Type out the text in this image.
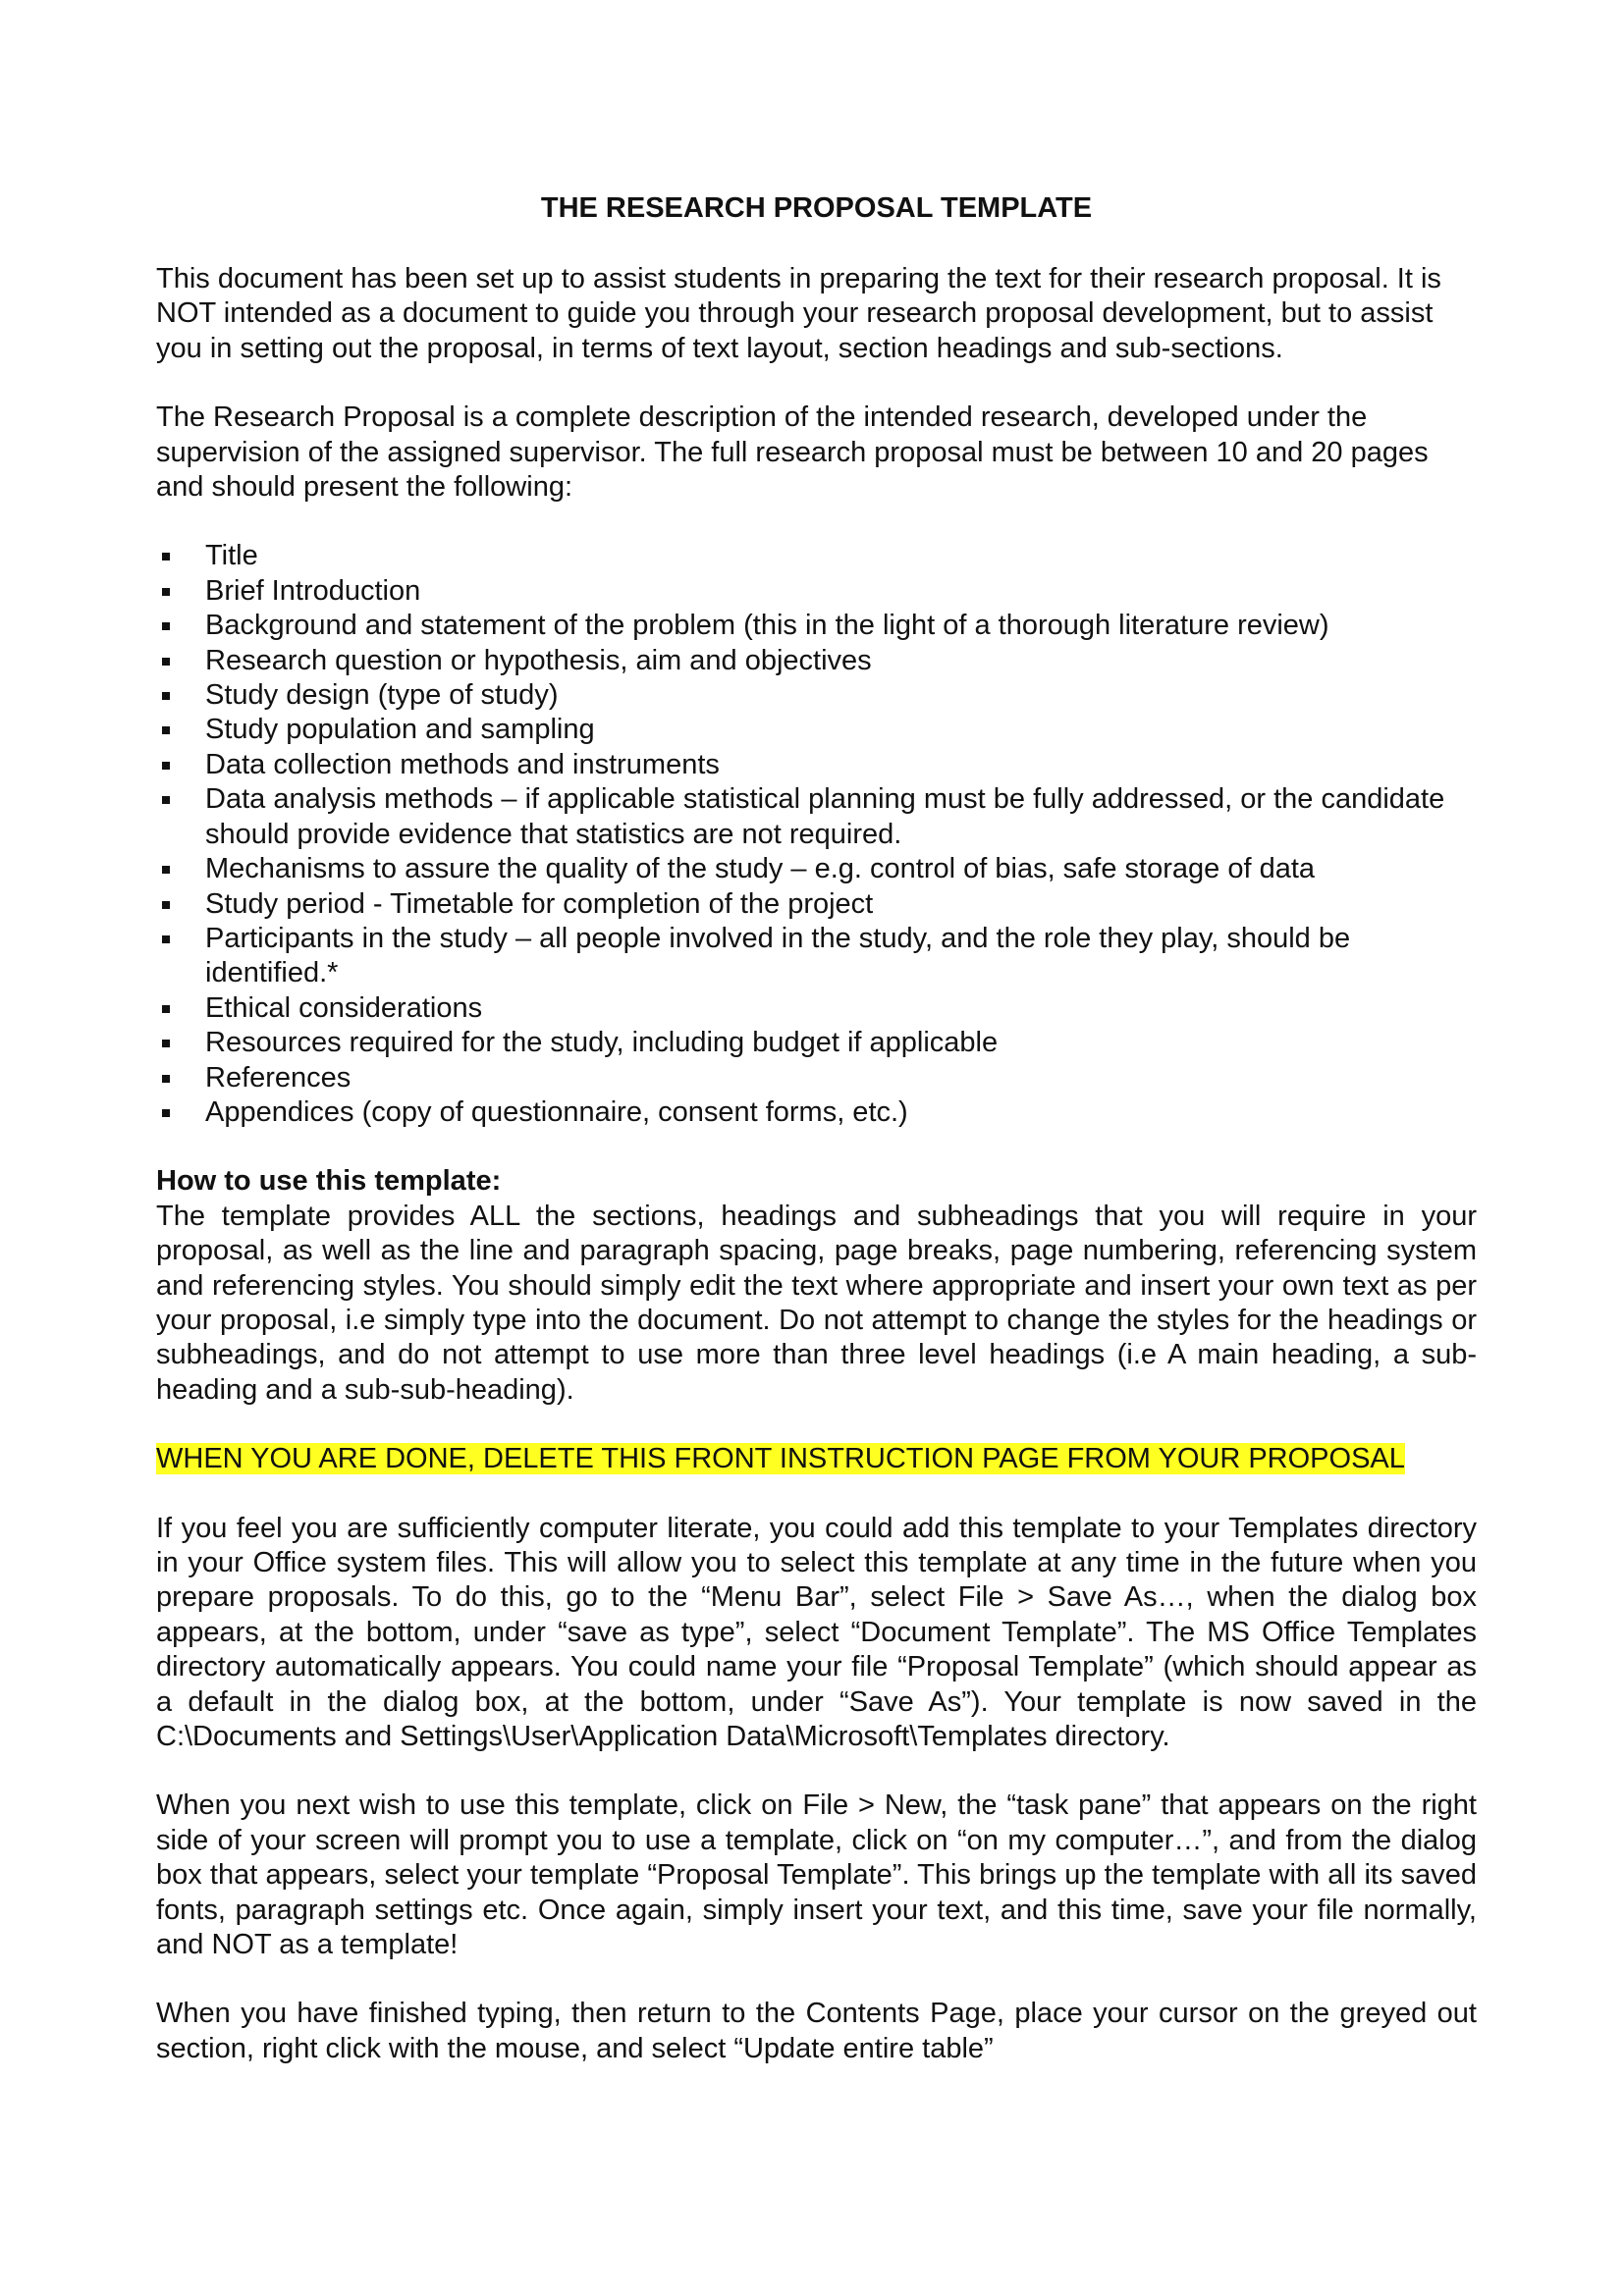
THE RESEARCH PROPOSAL TEMPLATE

This document has been set up to assist students in preparing the text for their research proposal. It is NOT intended as a document to guide you through your research proposal development, but to assist you in setting out the proposal, in terms of text layout, section headings and sub-sections.

The Research Proposal is a complete description of the intended research, developed under the supervision of the assigned supervisor. The full research proposal must be between 10 and 20 pages and should present the following:

Title
Brief Introduction
Background and statement of the problem (this in the light of a thorough literature review)
Research question or hypothesis, aim and objectives
Study design (type of study)
Study population and sampling
Data collection methods and instruments
Data analysis methods – if applicable statistical planning must be fully addressed, or the candidate should provide evidence that statistics are not required.
Mechanisms to assure the quality of the study – e.g. control of bias, safe storage of data
Study period - Timetable for completion of the project
Participants in the study – all people involved in the study, and the role they play, should be identified.*
Ethical considerations
Resources required for the study, including budget if applicable
References
Appendices (copy of questionnaire, consent forms, etc.)

How to use this template:

The template provides ALL the sections, headings and subheadings that you will require in your proposal, as well as the line and paragraph spacing, page breaks, page numbering, referencing system and referencing styles. You should simply edit the text where appropriate and insert your own text as per your proposal, i.e simply type into the document. Do not attempt to change the styles for the headings or subheadings, and do not attempt to use more than three level headings (i.e A main heading, a sub-heading and a sub-sub-heading).

WHEN YOU ARE DONE, DELETE THIS FRONT INSTRUCTION PAGE FROM YOUR PROPOSAL

If you feel you are sufficiently computer literate, you could add this template to your Templates directory in your Office system files. This will allow you to select this template at any time in the future when you prepare proposals. To do this, go to the “Menu Bar”, select File > Save As…, when the dialog box appears, at the bottom, under “save as type”, select “Document Template”. The MS Office Templates directory automatically appears. You could name your file “Proposal Template” (which should appear as a default in the dialog box, at the bottom, under “Save As”). Your template is now saved in the C:\Documents and Settings\User\Application Data\Microsoft\Templates directory.

When you next wish to use this template, click on File > New, the “task pane” that appears on the right side of your screen will prompt you to use a template, click on “on my computer…”, and from the dialog box that appears, select your template “Proposal Template”. This brings up the template with all its saved fonts, paragraph settings etc. Once again, simply insert your text, and this time, save your file normally, and NOT as a template!

When you have finished typing, then return to the Contents Page, place your cursor on the greyed out section, right click with the mouse, and select “Update entire table”
